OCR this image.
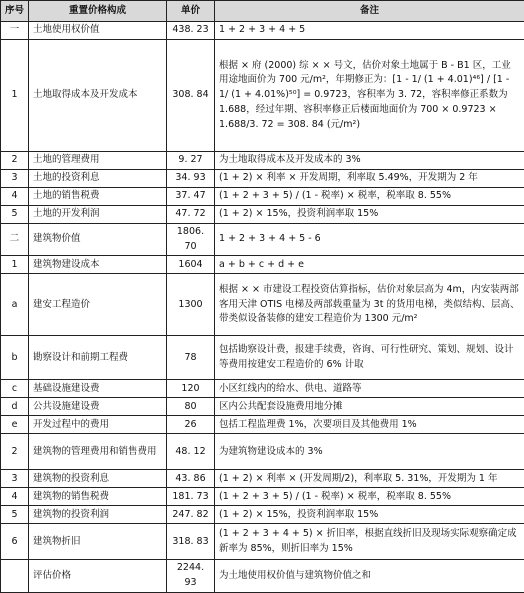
序号	重置价格构成	单价	备注
一	土地使用权价值	438. 23	1 + 2 + 3 + 4 + 5
1	土地取得成本及开发成本	308. 84	根据 × 府 (2000) 综 × × 号文，估价对象土地属于 B - B1 区，工业用途地面价为 700 元/m²，年期修正为：[1 - 1/ (1 + 4.01)⁴⁶] / [1 - 1/ (1 + 4.01%)⁵⁰] = 0.9723，容积率为 3. 72，容积率修正系数为 1.688，经过年期、容积率修正后楼面地面价为 700 × 0.9723 × 1.688/3. 72 = 308. 84 (元/m²)
2	土地的管理费用	9. 27	为土地取得成本及开发成本的 3%
3	土地的投资利息	34. 93	(1 + 2) × 利率 × 开发周期，利率取 5.49%，开发期为 2 年
4	土地的销售税费	37. 47	(1 + 2 + 3 + 5) / (1 - 税率) × 税率，税率取 8. 55%
5	土地的开发利润	47. 72	(1 + 2) × 15%，投资利润率取 15%
二	建筑物价值	1806. 70	1 + 2 + 3 + 4 + 5 - 6
1	建筑物建设成本	1604	a + b + c + d + e
a	建安工程造价	1300	根据 × × 市建设工程投资估算指标，估价对象层高为 4m，内安装两部客用天津 OTIS 电梯及两部载重量为 3t 的货用电梯，类似结构、层高、带类似设备装修的建安工程造价为 1300 元/m²
b	勘察设计和前期工程费	78	包括勘察设计费，报建手续费，咨询、可行性研究、策划、规划、设计等费用按建安工程造价的 6% 计取
c	基础设施建设费	120	小区红线内的给水、供电、道路等
d	公共设施建设费	80	区内公共配套设施费用地分摊
e	开发过程中的费用	26	包括工程监理费 1%，次要项目及其他费用 1%
2	建筑物的管理费用和销售费用	48. 12	为建筑物建设成本的 3%
3	建筑物的投资利息	43. 86	(1 + 2) × 利率 × (开发周期/2)，利率取 5. 31%，开发期为 1 年
4	建筑物的销售税费	181. 73	(1 + 2 + 3 + 5) / (1 - 税率) × 税率，税率取 8. 55%
5	建筑物的投资利润	247. 82	(1 + 2) × 15%，投资利润率取 15%
6	建筑物折旧	318. 83	(1 + 2 + 3 + 4 + 5) × 折旧率，根据直线折旧及现场实际观察确定成新率为 85%，则折旧率为 15%
	评估价格	2244. 93	为土地使用权价值与建筑物价值之和
